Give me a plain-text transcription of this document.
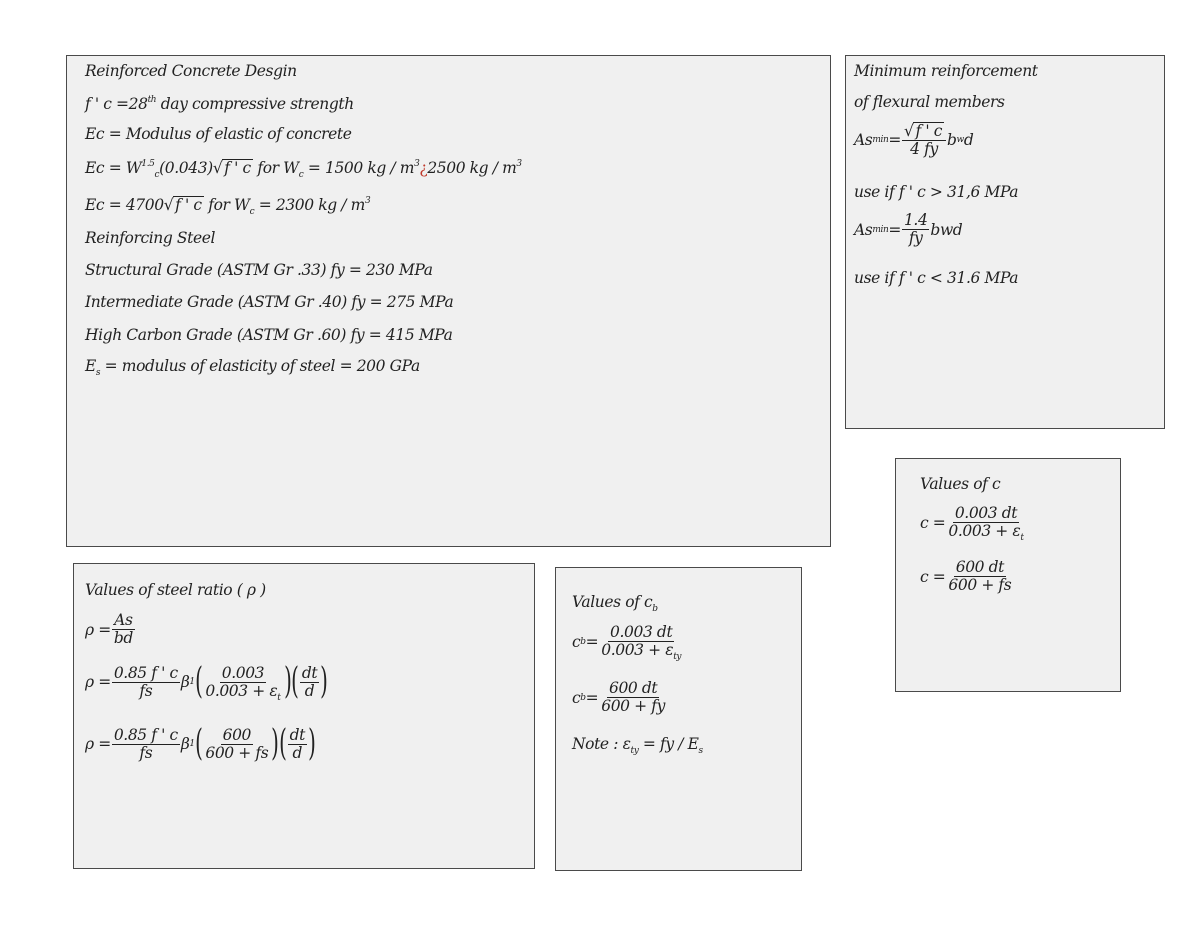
Reinforced Concrete Desgin
f ' c =28th day compressive strength
Ec = Modulus of elastic of concrete
$Ec = W^{1.5}_c(0.043)√$ f ' c for $W_c = 1500$ kg / $m^3¿2500$ kg / $m^3$
Ec = 4700√ f ' c for $W_c = 2300$ kg / $m^3$
Reinforcing Steel
Structural Grade (ASTM Gr .33) fy = 230 MPa
Intermediate Grade (ASTM Gr .40) fy = 275 MPa
High Carbon Grade (ASTM Gr .60) fy = 415 MPa
$E_s$ = modulus of elasticity of steel = 200 GPa
Minimum reinforcement
of flexural members
As $\min = \frac{√ f ' c}{4 fy}$ b w d
use if f ' c > 31,6 MPa
As $\min = \frac{1.4}{fy}$ bwd
use if f ' c < 31.6 MPa
Values of c
$c = \frac{0.003 dt}{0.003 + \varepsilon_t}$
$c = \frac{600 dt}{600 + fs}$
Values of steel ratio ( ρ )
$\rho = \frac{As}{bd}$
$\rho = \frac{0.85 f ' c}{fs}$ β 1 ( $\frac{0.003}{0.003 + \varepsilon_t}$ ) ( $\frac{dt}{d}$ )
$\rho = \frac{0.85 f ' c}{fs}$ β 1 ( $\frac{600}{600 + fs}$ ) ( $\frac{dt}{d}$ )
Values of $c_b$
c $b = \frac{0.003 dt}{0.003 + \varepsilon_{ty}}$
c $b = \frac{600 dt}{600 + fy}$
Note : $\varepsilon_{ty}$ = fy / $E_s$
